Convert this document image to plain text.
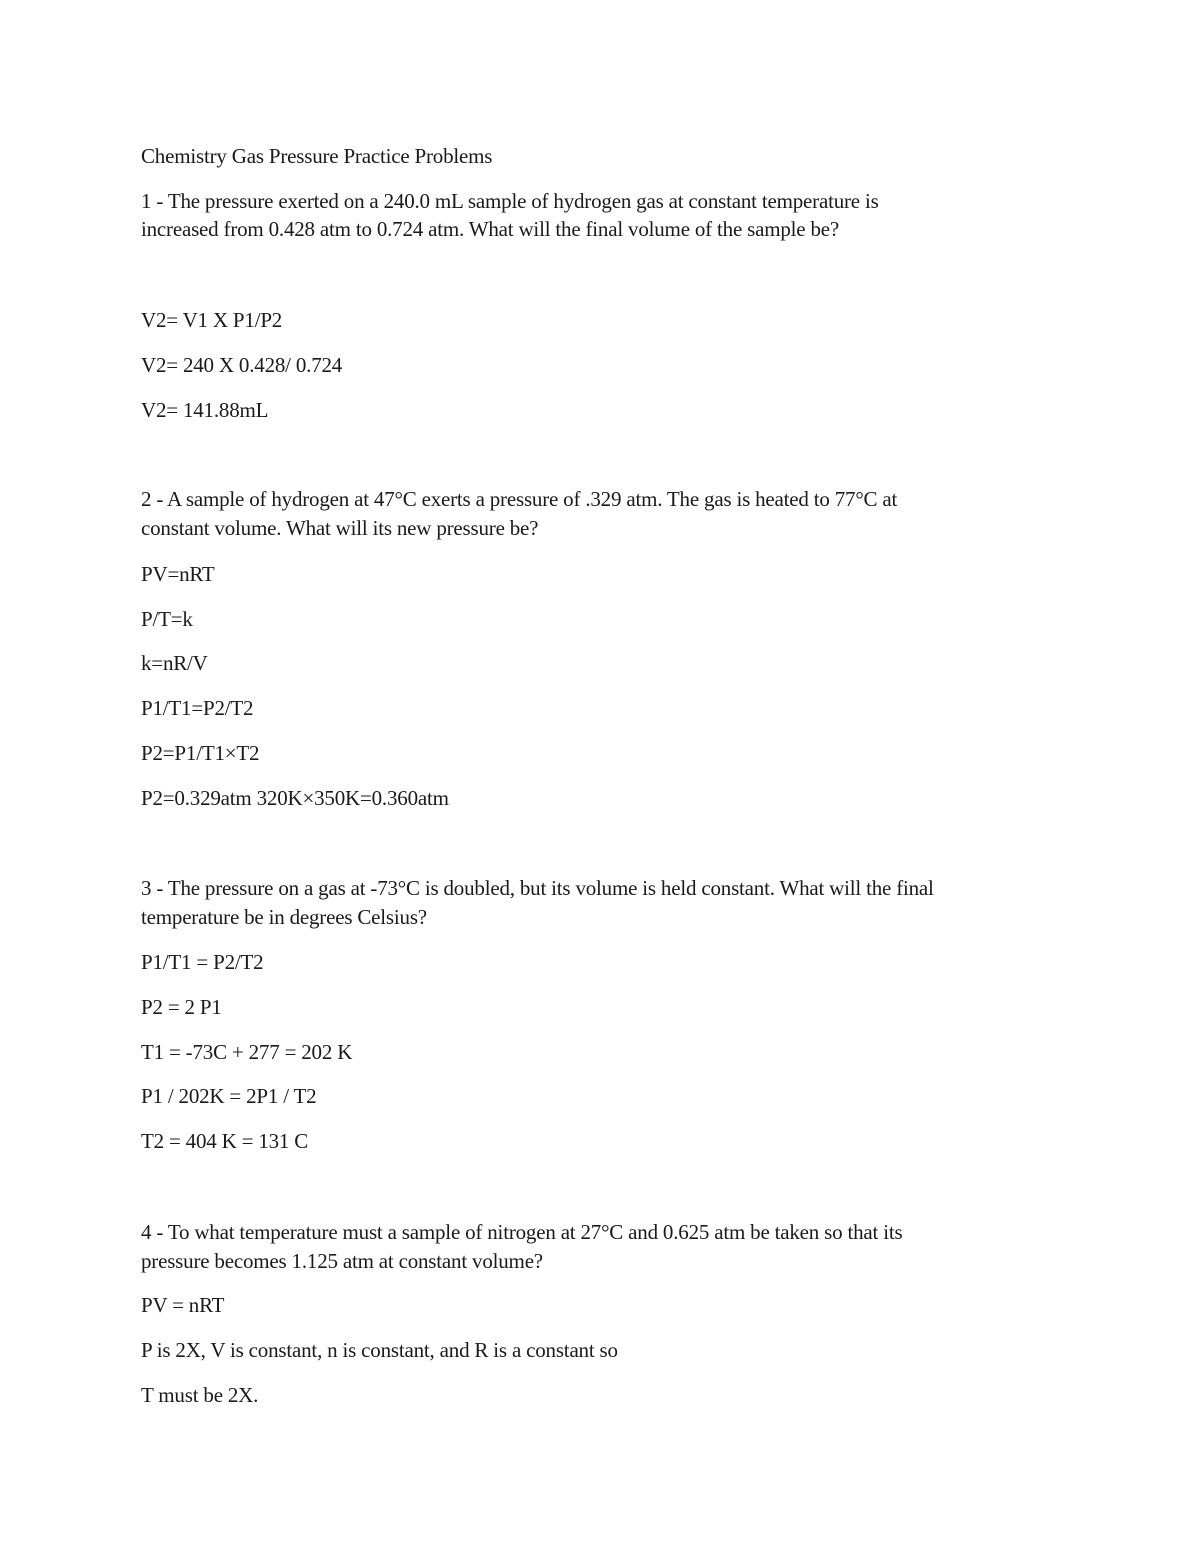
Chemistry Gas Pressure Practice Problems
1 - The pressure exerted on a 240.0 mL sample of hydrogen gas at constant temperature is
increased from 0.428 atm to 0.724 atm. What will the final volume of the sample be?
V2= V1 X P1/P2
V2= 240 X 0.428/ 0.724
V2= 141.88mL
2 - A sample of hydrogen at 47°C exerts a pressure of .329 atm. The gas is heated to 77°C at
constant volume. What will its new pressure be?
PV=nRT
P/T=k
k=nR/V
P1/T1=P2/T2
P2=P1/T1×T2
P2=0.329atm 320K×350K=0.360atm
3 - The pressure on a gas at -73°C is doubled, but its volume is held constant. What will the final
temperature be in degrees Celsius?
P1/T1 = P2/T2
P2 = 2 P1
T1 = -73C + 277 = 202 K
P1 / 202K = 2P1 / T2
T2 = 404 K = 131 C
4 - To what temperature must a sample of nitrogen at 27°C and 0.625 atm be taken so that its
pressure becomes 1.125 atm at constant volume?
PV = nRT
P is 2X, V is constant, n is constant, and R is a constant so
T must be 2X.
